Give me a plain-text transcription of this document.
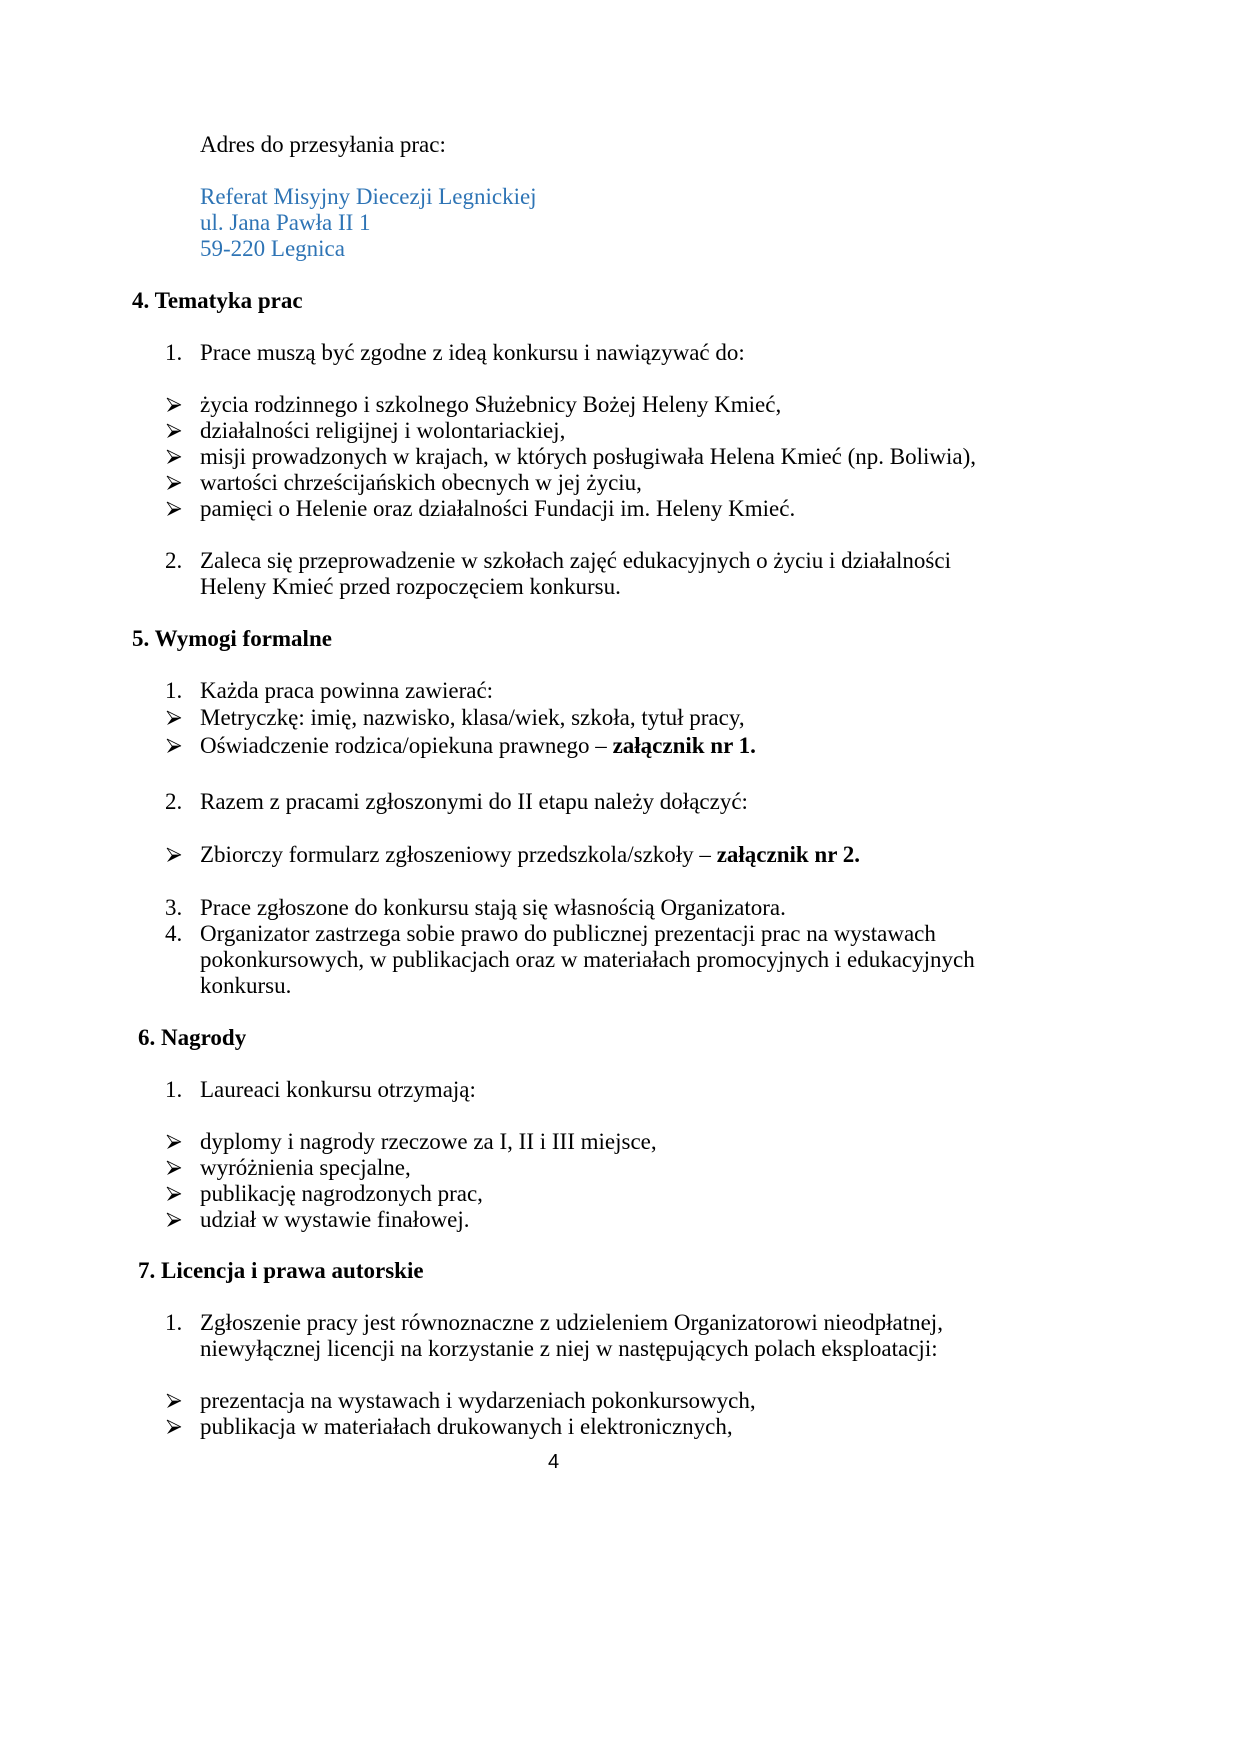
Adres do przesyłania prac:
Referat Misyjny Diecezji Legnickiej
ul. Jana Pawła II 1
59-220 Legnica
4. Tematyka prac
1. Prace muszą być zgodne z ideą konkursu i nawiązywać do:
życia rodzinnego i szkolnego Służebnicy Bożej Heleny Kmieć,
działalności religijnej i wolontariackiej,
misji prowadzonych w krajach, w których posługiwała Helena Kmieć (np. Boliwia),
wartości chrześcijańskich obecnych w jej życiu,
pamięci o Helenie oraz działalności Fundacji im. Heleny Kmieć.
2. Zaleca się przeprowadzenie w szkołach zajęć edukacyjnych o życiu i działalności
Heleny Kmieć przed rozpoczęciem konkursu.
5. Wymogi formalne
1. Każda praca powinna zawierać:
Metryczkę: imię, nazwisko, klasa/wiek, szkoła, tytuł pracy,
Oświadczenie rodzica/opiekuna prawnego – załącznik nr 1.
2. Razem z pracami zgłoszonymi do II etapu należy dołączyć:
Zbiorczy formularz zgłoszeniowy przedszkola/szkoły – załącznik nr 2.
3. Prace zgłoszone do konkursu stają się własnością Organizatora.
4. Organizator zastrzega sobie prawo do publicznej prezentacji prac na wystawach
pokonkursowych, w publikacjach oraz w materiałach promocyjnych i edukacyjnych
konkursu.
6. Nagrody
1. Laureaci konkursu otrzymają:
dyplomy i nagrody rzeczowe za I, II i III miejsce,
wyróżnienia specjalne,
publikację nagrodzonych prac,
udział w wystawie finałowej.
7. Licencja i prawa autorskie
1. Zgłoszenie pracy jest równoznaczne z udzieleniem Organizatorowi nieodpłatnej,
niewyłącznej licencji na korzystanie z niej w następujących polach eksploatacji:
prezentacja na wystawach i wydarzeniach pokonkursowych,
publikacja w materiałach drukowanych i elektronicznych,
4
